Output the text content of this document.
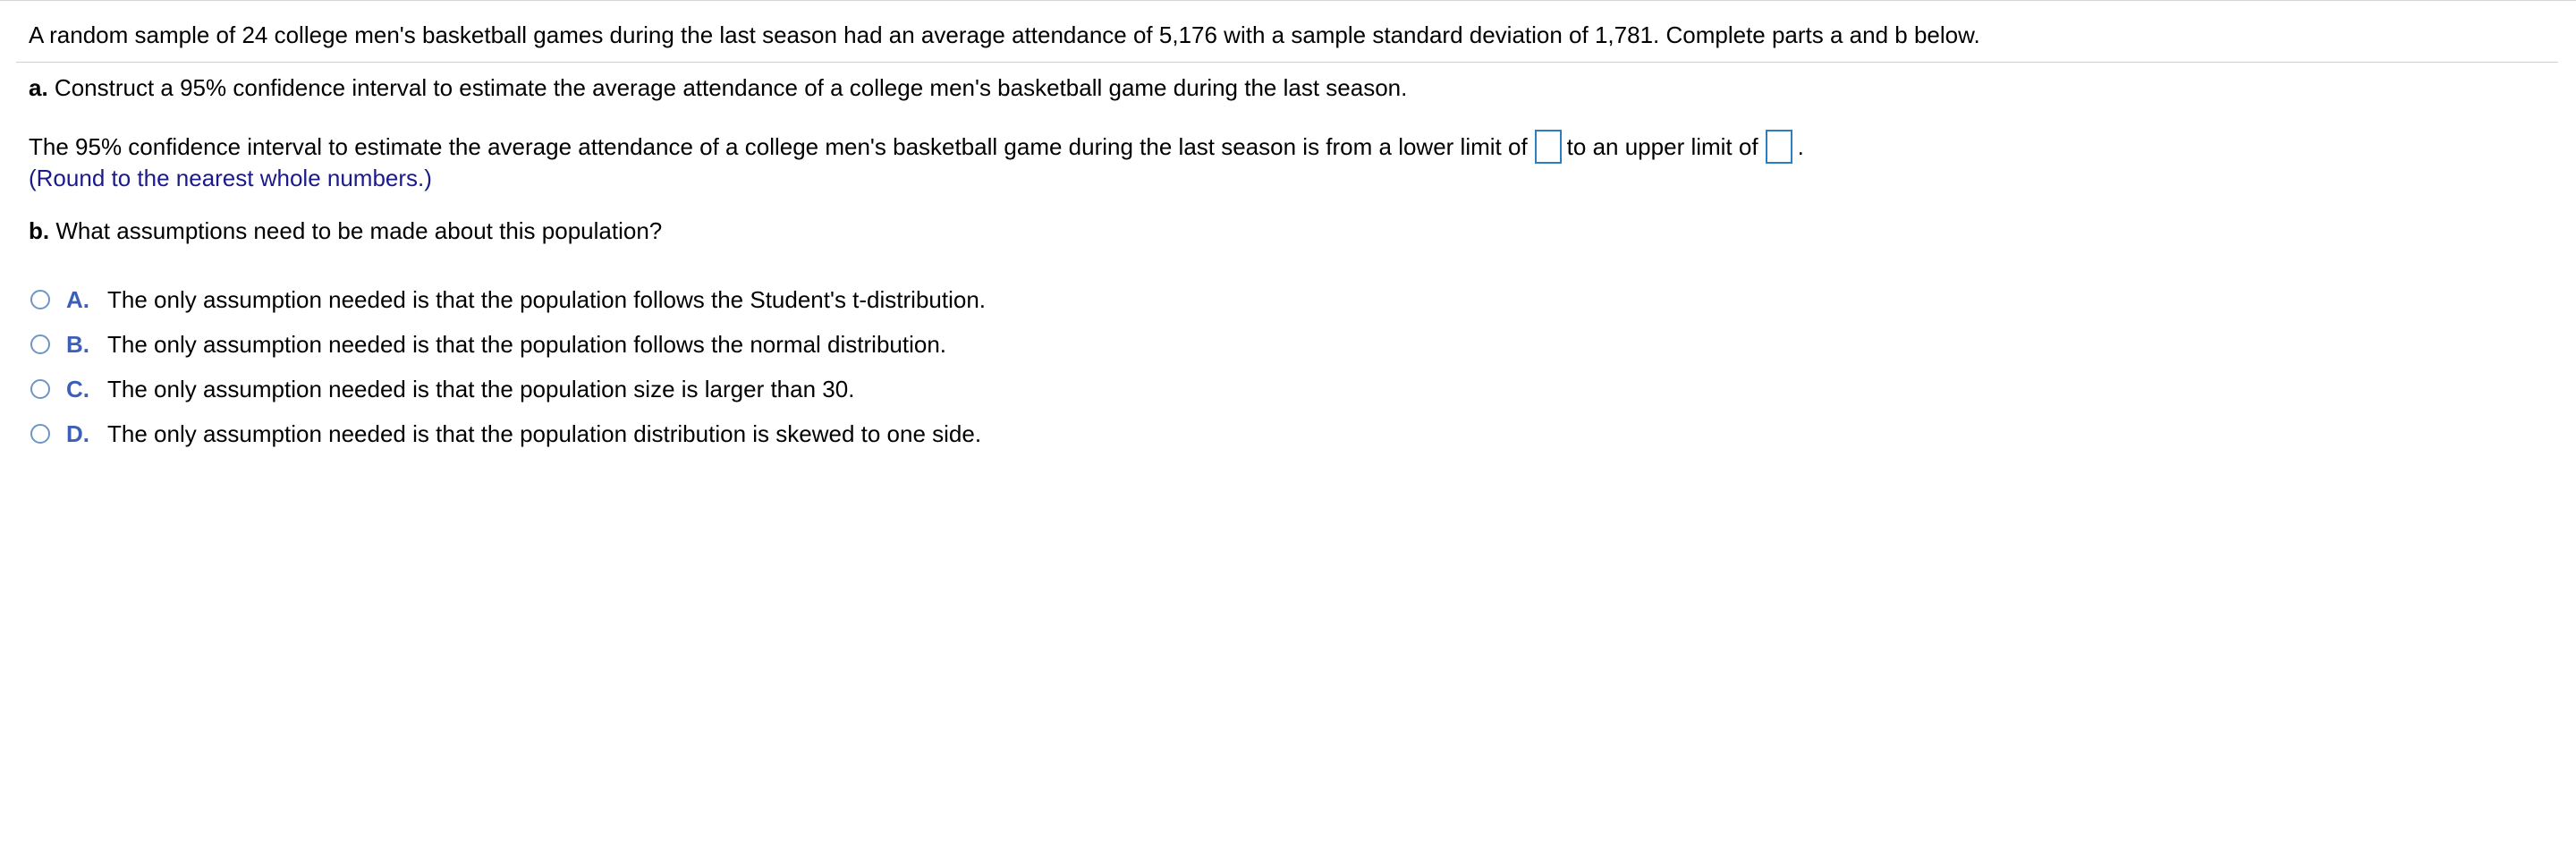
A random sample of 24 college men's basketball games during the last season had an average attendance of 5,176 with a sample standard deviation of 1,781. Complete parts a and b below.
a. Construct a 95% confidence interval to estimate the average attendance of a college men's basketball game during the last season.
The 95% confidence interval to estimate the average attendance of a college men's basketball game during the last season is from a lower limit of to an upper limit of .
(Round to the nearest whole numbers.)
b. What assumptions need to be made about this population?
A. The only assumption needed is that the population follows the Student's t-distribution.
B. The only assumption needed is that the population follows the normal distribution.
C. The only assumption needed is that the population size is larger than 30.
D. The only assumption needed is that the population distribution is skewed to one side.
